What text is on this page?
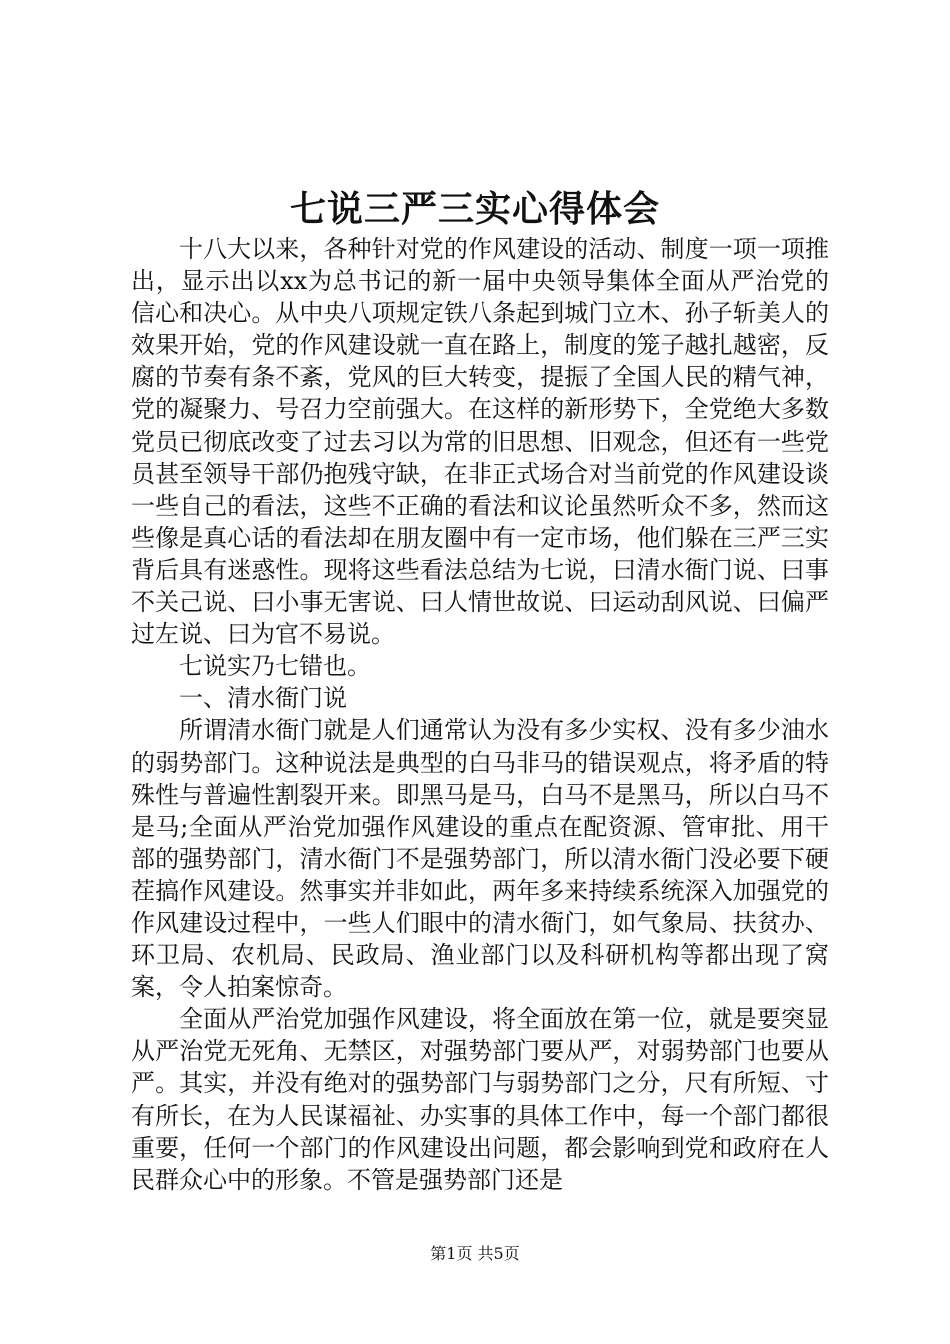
七说三严三实心得体会

十八大以来，各种针对党的作风建设的活动、制度一项一项推出，显示出以xx为总书记的新一届中央领导集体全面从严治党的信心和决心。从中央八项规定铁八条起到城门立木、孙子斩美人的效果开始，党的作风建设就一直在路上，制度的笼子越扎越密，反腐的节奏有条不紊，党风的巨大转变，提振了全国人民的精气神，党的凝聚力、号召力空前强大。在这样的新形势下，全党绝大多数党员已彻底改变了过去习以为常的旧思想、旧观念，但还有一些党员甚至领导干部仍抱残守缺，在非正式场合对当前党的作风建设谈一些自己的看法，这些不正确的看法和议论虽然听众不多，然而这些像是真心话的看法却在朋友圈中有一定市场，他们躲在三严三实背后具有迷惑性。现将这些看法总结为七说，曰清水衙门说、曰事不关己说、曰小事无害说、曰人情世故说、曰运动刮风说、曰偏严过左说、曰为官不易说。

七说实乃七错也。

一、清水衙门说

所谓清水衙门就是人们通常认为没有多少实权、没有多少油水的弱势部门。这种说法是典型的白马非马的错误观点，将矛盾的特殊性与普遍性割裂开来。即黑马是马，白马不是黑马，所以白马不是马;全面从严治党加强作风建设的重点在配资源、管审批、用干部的强势部门，清水衙门不是强势部门，所以清水衙门没必要下硬茬搞作风建设。然事实并非如此，两年多来持续系统深入加强党的作风建设过程中，一些人们眼中的清水衙门，如气象局、扶贫办、环卫局、农机局、民政局、渔业部门以及科研机构等都出现了窝案，令人拍案惊奇。

全面从严治党加强作风建设，将全面放在第一位，就是要突显从严治党无死角、无禁区，对强势部门要从严，对弱势部门也要从严。其实，并没有绝对的强势部门与弱势部门之分，尺有所短、寸有所长，在为人民谋福祉、办实事的具体工作中，每一个部门都很重要，任何一个部门的作风建设出问题，都会影响到党和政府在人民群众心中的形象。不管是强势部门还是

第1页 共5页
